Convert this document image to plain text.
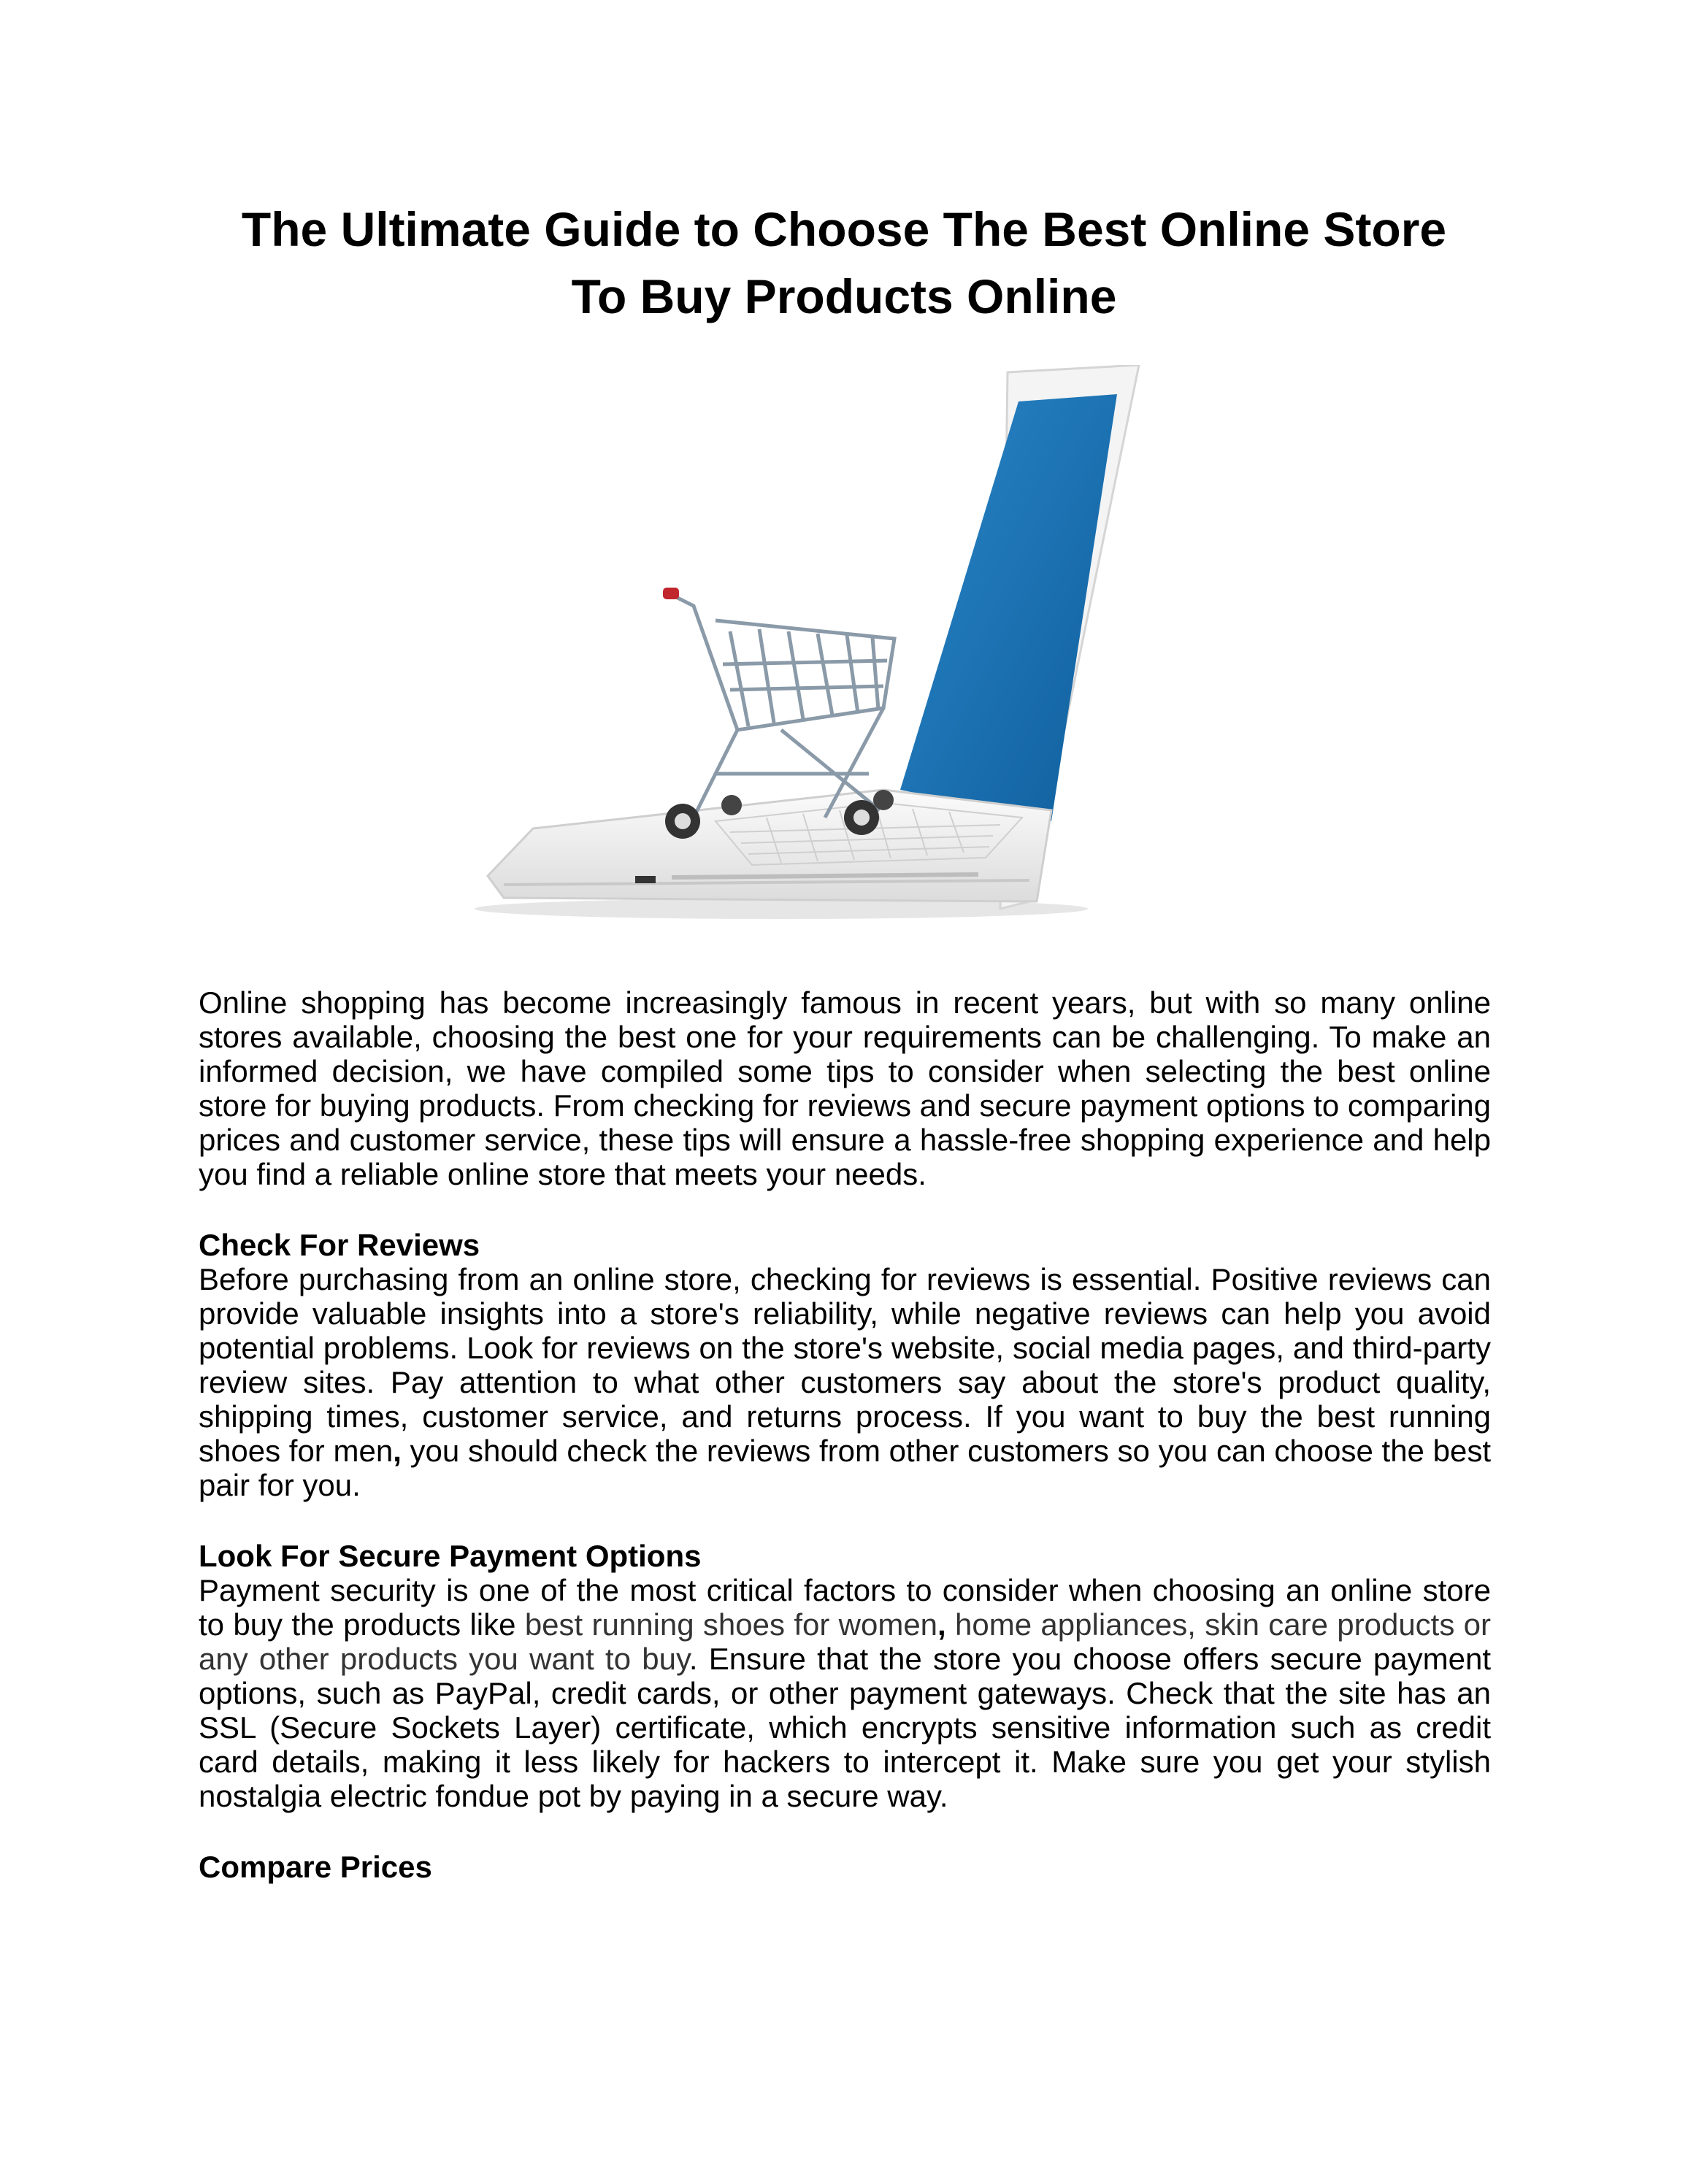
The Ultimate Guide to Choose The Best Online Store
To Buy Products Online

Online shopping has become increasingly famous in recent years, but with so many online stores available, choosing the best one for your requirements can be challenging. To make an informed decision, we have compiled some tips to consider when selecting the best online store for buying products. From checking for reviews and secure payment options to comparing prices and customer service, these tips will ensure a hassle-free shopping experience and help you find a reliable online store that meets your needs.

Check For Reviews

Before purchasing from an online store, checking for reviews is essential. Positive reviews can provide valuable insights into a store's reliability, while negative reviews can help you avoid potential problems. Look for reviews on the store's website, social media pages, and third-party review sites. Pay attention to what other customers say about the store's product quality, shipping times, customer service, and returns process. If you want to buy the best running shoes for men, you should check the reviews from other customers so you can choose the best pair for you.

Look For Secure Payment Options

Payment security is one of the most critical factors to consider when choosing an online store to buy the products like best running shoes for women, home appliances, skin care products or any other products you want to buy. Ensure that the store you choose offers secure payment options, such as PayPal, credit cards, or other payment gateways. Check that the site has an SSL (Secure Sockets Layer) certificate, which encrypts sensitive information such as credit card details, making it less likely for hackers to intercept it. Make sure you get your stylish nostalgia electric fondue pot by paying in a secure way.

Compare Prices
